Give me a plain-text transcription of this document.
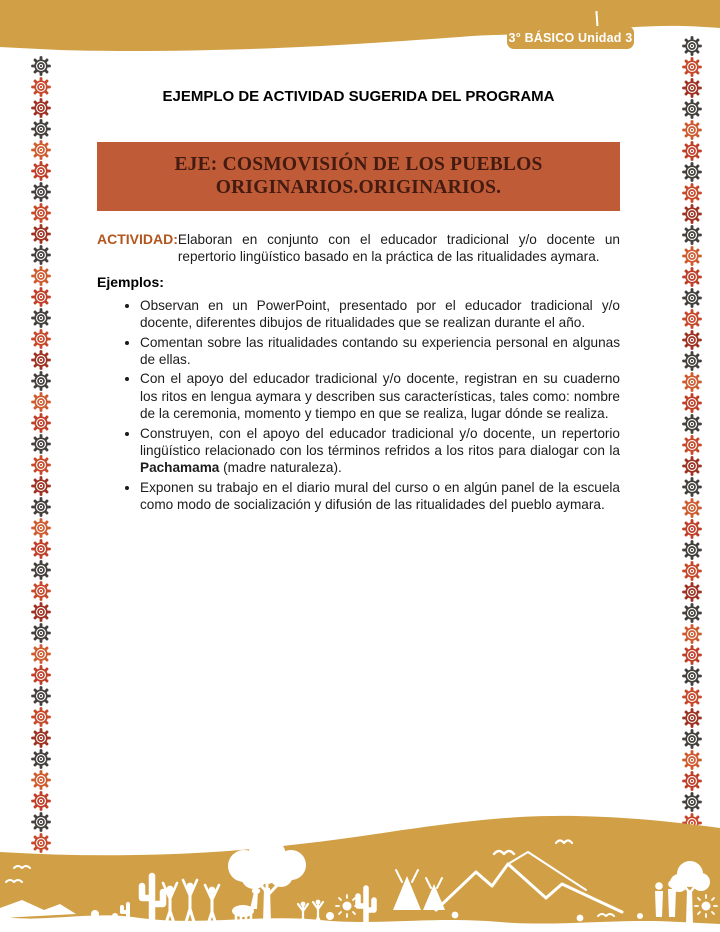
3° BÁSICO Unidad 3
EJEMPLO DE ACTIVIDAD SUGERIDA DEL PROGRAMA
EJE: COSMOVISIÓN DE LOS PUEBLOS
ORIGINARIOS.ORIGINARIOS.
ACTIVIDAD: Elaboran en conjunto con el educador tradicional y/o docente un repertorio lingüístico basado en la práctica de las ritualidades aymara.
Ejemplos:
• Observan en un PowerPoint, presentado por el educador tradicional y/o docente, diferentes dibujos de ritualidades que se realizan durante el año.
• Comentan sobre las ritualidades contando su experiencia personal en algunas de ellas.
• Con el apoyo del educador tradicional y/o docente, registran en su cuaderno los ritos en lengua aymara y describen sus características, tales como: nombre de la ceremonia, momento y tiempo en que se realiza, lugar dónde se realiza.
• Construyen, con el apoyo del educador tradicional y/o docente, un repertorio lingüístico relacionado con los términos refridos a los ritos para dialogar con la Pachamama (madre naturaleza).
• Exponen su trabajo en el diario mural del curso o en algún panel de la escuela como modo de socialización y difusión de las ritualidades del pueblo aymara.
